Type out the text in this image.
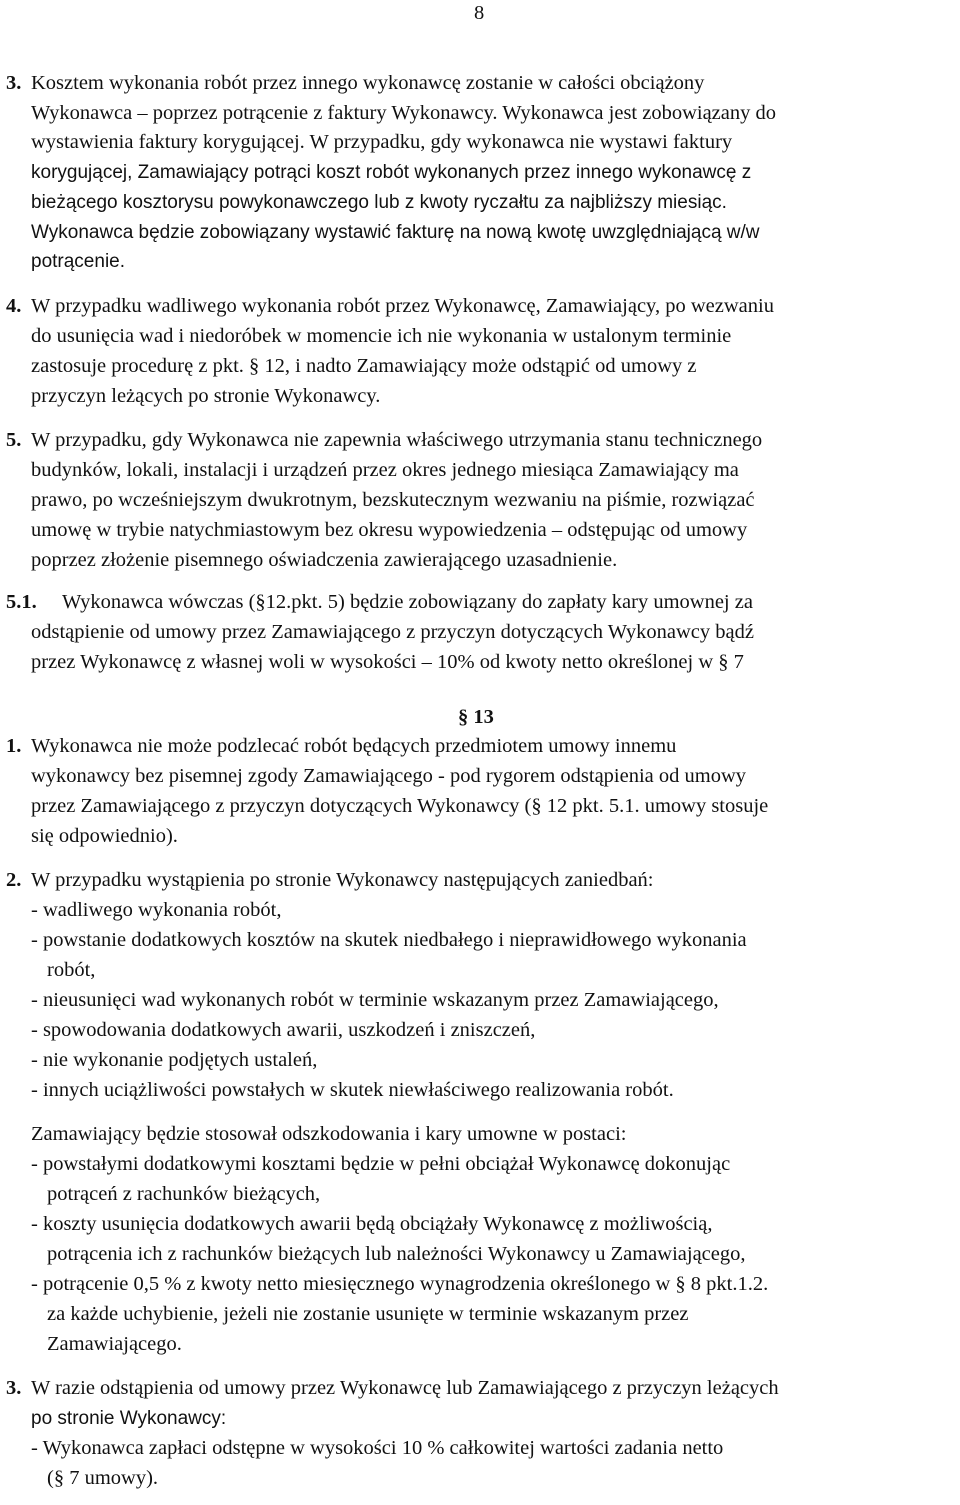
8
§ 13
3. Kosztem wykonania robót przez innego wykonawcę zostanie w całości obciążony
Wykonawca – poprzez potrącenie z faktury Wykonawcy. Wykonawca jest zobowiązany do
wystawienia faktury korygującej. W przypadku, gdy wykonawca nie wystawi faktury
korygującej, Zamawiający potrąci koszt robót wykonanych przez innego wykonawcę z
bieżącego kosztorysu powykonawczego lub z kwoty ryczałtu za najbliższy miesiąc.
Wykonawca będzie zobowiązany wystawić fakturę na nową kwotę uwzględniającą w/w
potrącenie.
4. W przypadku wadliwego wykonania robót przez Wykonawcę, Zamawiający, po wezwaniu
do usunięcia wad i niedoróbek w momencie ich nie wykonania w ustalonym terminie
zastosuje procedurę z pkt. § 12, i nadto Zamawiający może odstąpić od umowy z
przyczyn leżących po stronie Wykonawcy.
5. W przypadku, gdy Wykonawca nie zapewnia właściwego utrzymania stanu technicznego
budynków, lokali, instalacji i urządzeń przez okres jednego miesiąca Zamawiający ma
prawo, po wcześniejszym dwukrotnym, bezskutecznym wezwaniu na piśmie, rozwiązać
umowę w trybie natychmiastowym bez okresu wypowiedzenia – odstępując od umowy
poprzez złożenie pisemnego oświadczenia zawierającego uzasadnienie.
5.1. Wykonawca wówczas (§12.pkt. 5) będzie zobowiązany do zapłaty kary umownej za
odstąpienie od umowy przez Zamawiającego z przyczyn dotyczących Wykonawcy bądź
przez Wykonawcę z własnej woli w wysokości – 10% od kwoty netto określonej w § 7
1. Wykonawca nie może podzlecać robót będących przedmiotem umowy innemu
wykonawcy bez pisemnej zgody Zamawiającego - pod rygorem odstąpienia od umowy
przez Zamawiającego z przyczyn dotyczących Wykonawcy (§ 12 pkt. 5.1. umowy stosuje
się odpowiednio).
2. W przypadku wystąpienia po stronie Wykonawcy następujących zaniedbań:
- wadliwego wykonania robót,
- powstanie dodatkowych kosztów na skutek niedbałego i nieprawidłowego wykonania
robót,
- nieusunięci wad wykonanych robót w terminie wskazanym przez Zamawiającego,
- spowodowania dodatkowych awarii, uszkodzeń i zniszczeń,
- nie wykonanie podjętych ustaleń,
- innych uciążliwości powstałych w skutek niewłaściwego realizowania robót.
Zamawiający będzie stosował odszkodowania i kary umowne w postaci:
- powstałymi dodatkowymi kosztami będzie w pełni obciążał Wykonawcę dokonując
potrąceń z rachunków bieżących,
- koszty usunięcia dodatkowych awarii będą obciążały Wykonawcę z możliwością,
potrącenia ich z rachunków bieżących lub należności Wykonawcy u Zamawiającego,
- potrącenie 0,5 % z kwoty netto miesięcznego wynagrodzenia określonego w § 8 pkt.1.2.
za każde uchybienie, jeżeli nie zostanie usunięte w terminie wskazanym przez
Zamawiającego.
3. W razie odstąpienia od umowy przez Wykonawcę lub Zamawiającego z przyczyn leżących
po stronie Wykonawcy:
- Wykonawca zapłaci odstępne w wysokości 10 % całkowitej wartości zadania netto
(§ 7 umowy).
